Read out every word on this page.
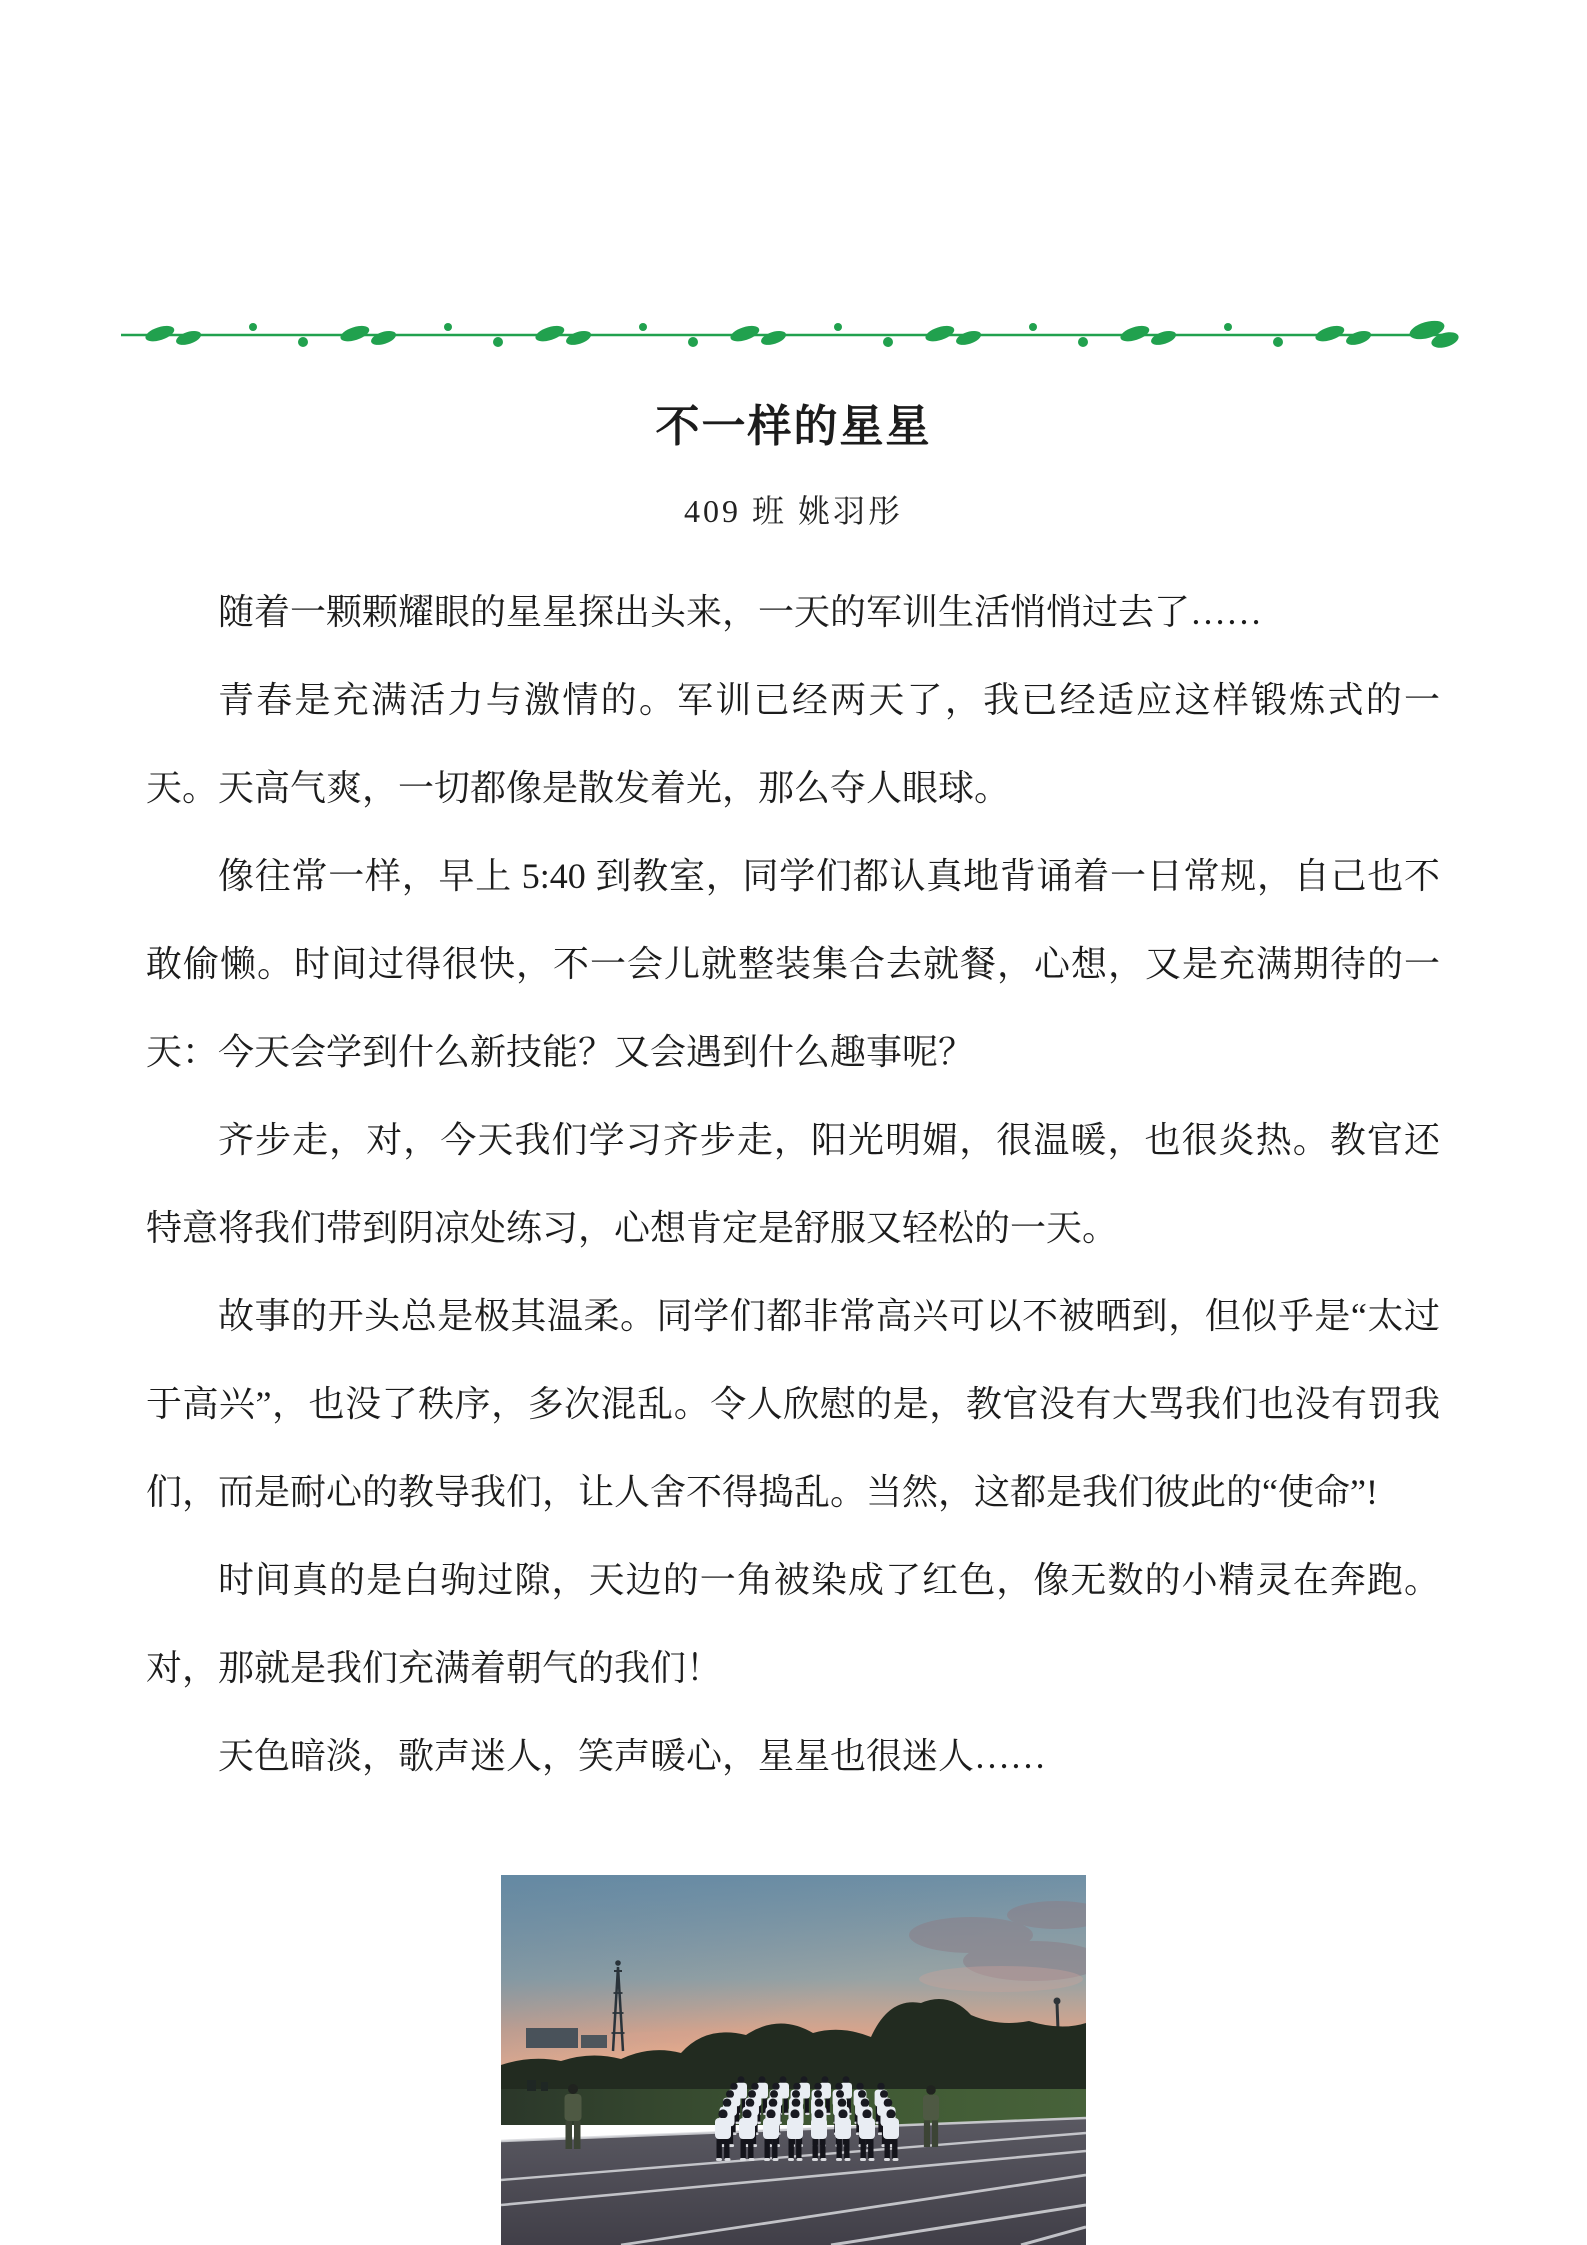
不一样的星星
409 班 姚羽彤

随着一颗颗耀眼的星星探出头来，一天的军训生活悄悄过去了……

青春是充满活力与激情的。军训已经两天了，我已经适应这样锻炼式的一天。天高气爽，一切都像是散发着光，那么夺人眼球。

像往常一样，早上 5:40 到教室，同学们都认真地背诵着一日常规，自己也不敢偷懒。时间过得很快，不一会儿就整装集合去就餐，心想，又是充满期待的一天：今天会学到什么新技能？又会遇到什么趣事呢？

齐步走，对，今天我们学习齐步走，阳光明媚，很温暖，也很炎热。教官还特意将我们带到阴凉处练习，心想肯定是舒服又轻松的一天。

故事的开头总是极其温柔。同学们都非常高兴可以不被晒到，但似乎是“太过于高兴”，也没了秩序，多次混乱。令人欣慰的是，教官没有大骂我们也没有罚我们，而是耐心的教导我们，让人舍不得捣乱。当然，这都是我们彼此的“使命”!

时间真的是白驹过隙，天边的一角被染成了红色，像无数的小精灵在奔跑。对，那就是我们充满着朝气的我们！

天色暗淡，歌声迷人，笑声暖心，星星也很迷人……
